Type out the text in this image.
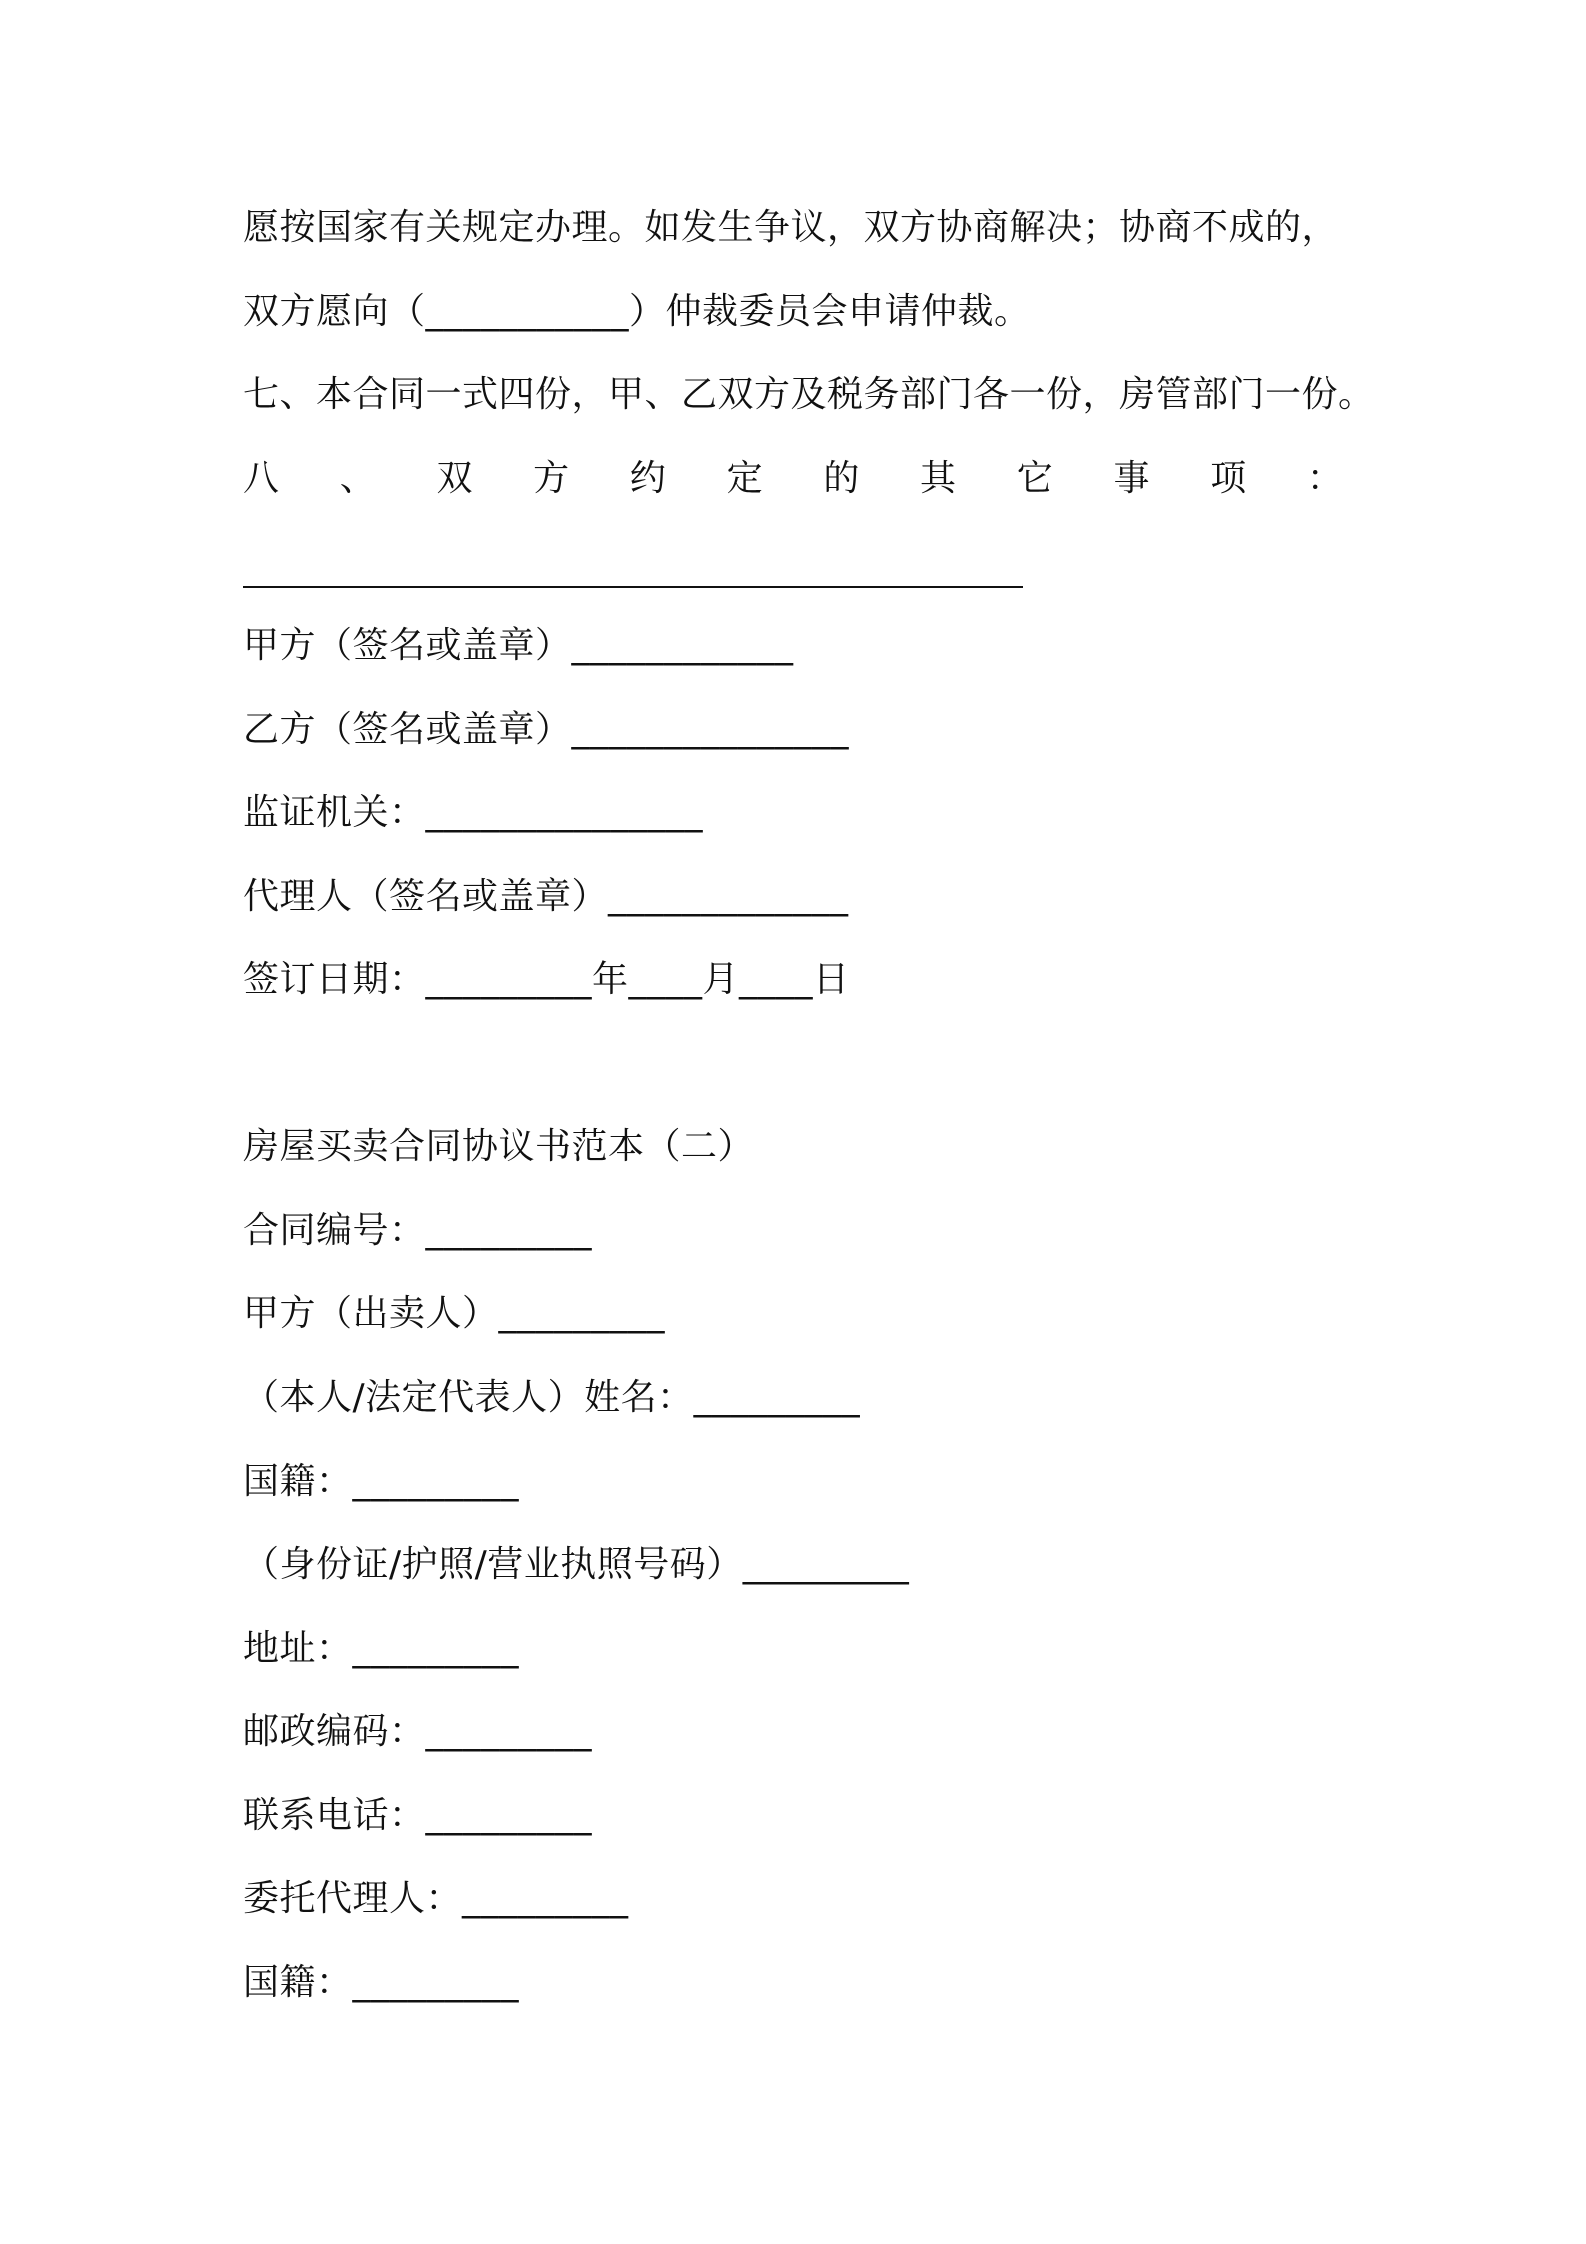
愿按国家有关规定办理。如发生争议，双方协商解决；协商不成的，
双方愿向（___________）仲裁委员会申请仲裁。
七、本合同一式四份，甲、乙双方及税务部门各一份，房管部门一份。
八 、 双 方 约 定 的 其 它 事 项 ：
甲方（签名或盖章）____________
乙方（签名或盖章）_______________
监证机关：_______________
代理人（签名或盖章）_____________
签订日期：_________年____月____日
房屋买卖合同协议书范本（二）
合同编号：_________
甲方（出卖人）_________
（本人/法定代表人）姓名：_________
国籍：_________
（身份证/护照/营业执照号码）_________
地址：_________
邮政编码：_________
联系电话：_________
委托代理人：_________
国籍：_________
